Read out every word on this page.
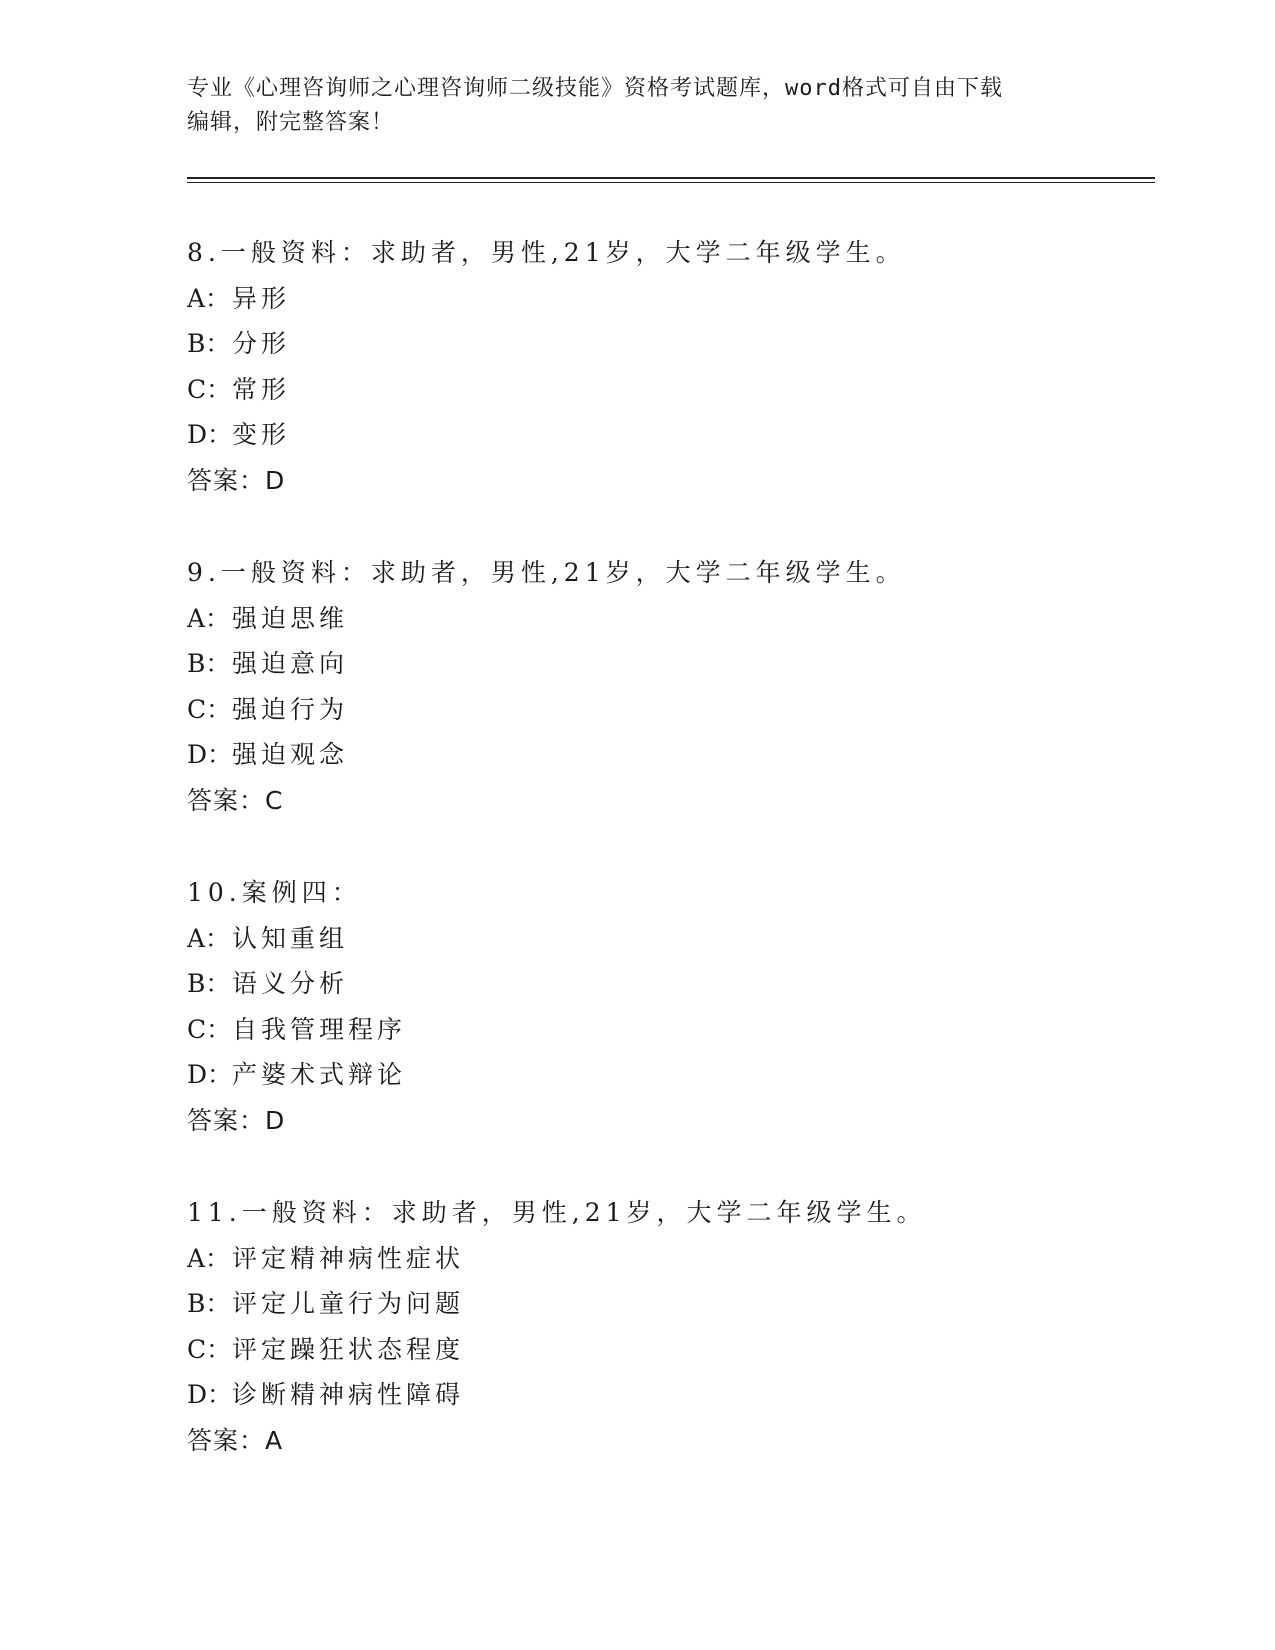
专业《心理咨询师之心理咨询师二级技能》资格考试题库，word格式可自由下载
编辑，附完整答案！
8.一般资料：求助者，男性,21岁，大学二年级学生。
A：异形
B：分形
C：常形
D：变形
答案：D
9.一般资料：求助者，男性,21岁，大学二年级学生。
A：强迫思维
B：强迫意向
C：强迫行为
D：强迫观念
答案：C
10.案例四：
A：认知重组
B：语义分析
C：自我管理程序
D：产婆术式辩论
答案：D
11.一般资料：求助者，男性,21岁，大学二年级学生。
A：评定精神病性症状
B：评定儿童行为问题
C：评定躁狂状态程度
D：诊断精神病性障碍
答案：A
